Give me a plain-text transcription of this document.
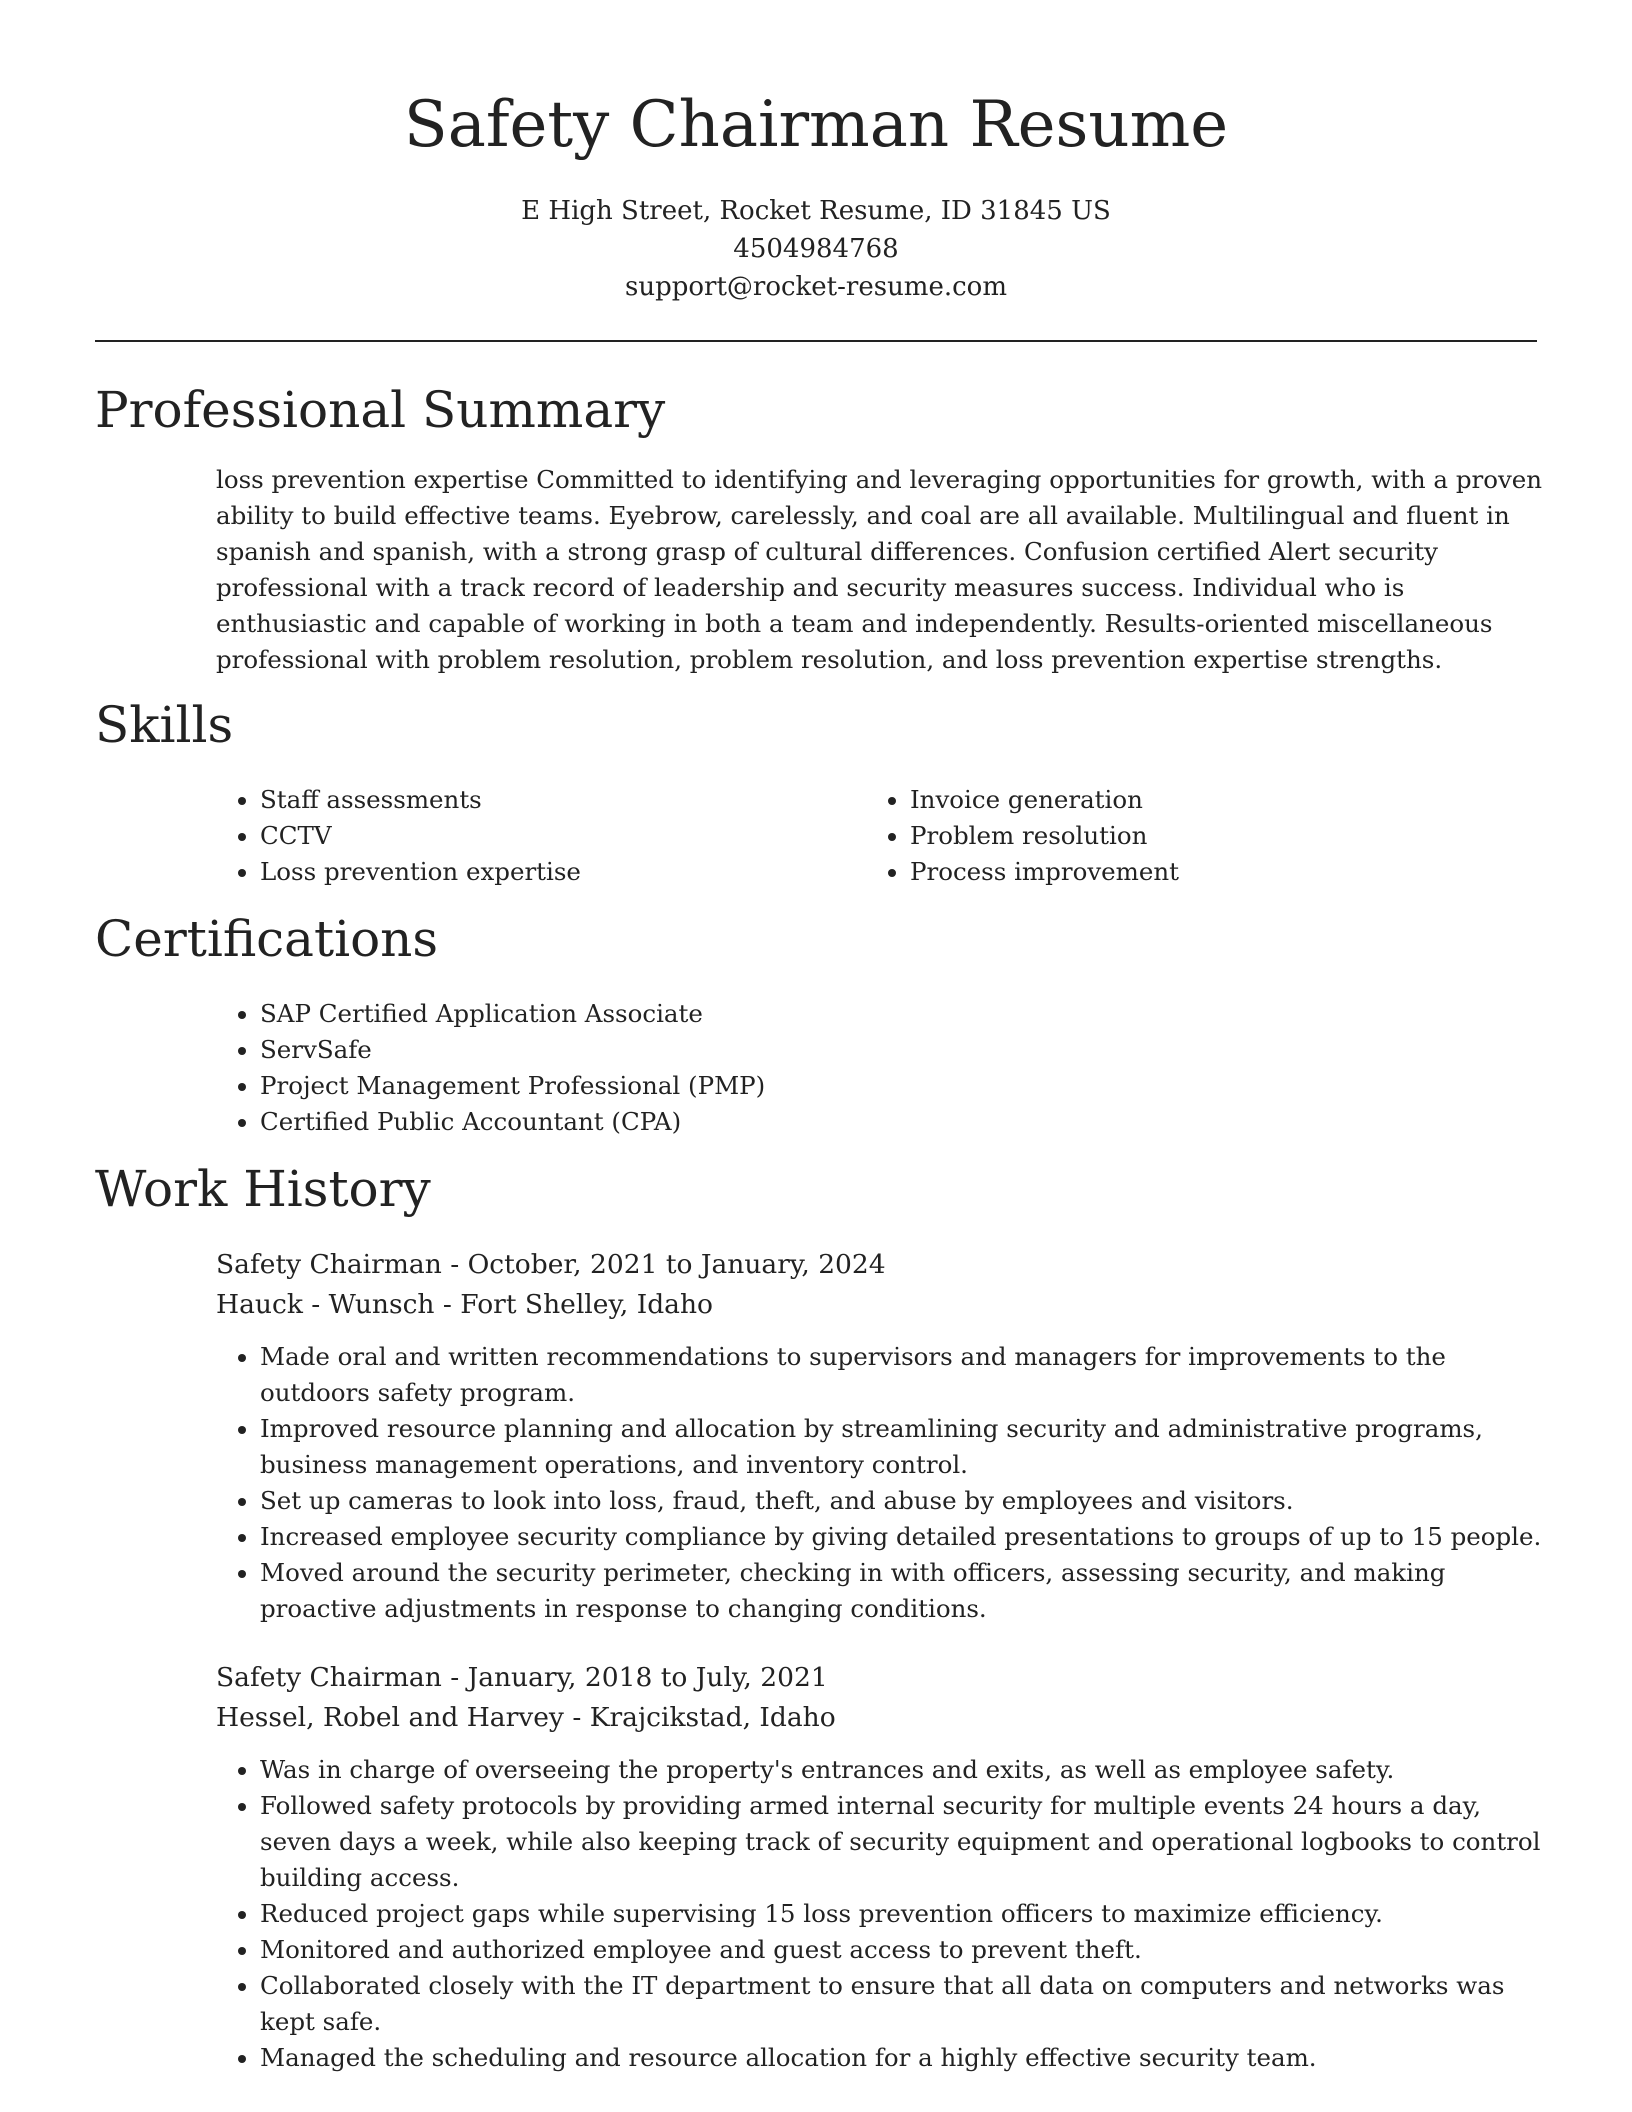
Safety Chairman Resume
E High Street, Rocket Resume, ID 31845 US
4504984768
support@rocket-resume.com
Professional Summary

loss prevention expertise Committed to identifying and leveraging opportunities for growth, with a proven ability to build effective teams. Eyebrow, carelessly, and coal are all available. Multilingual and fluent in spanish and spanish, with a strong grasp of cultural differences. Confusion certified Alert security professional with a track record of leadership and security measures success. Individual who is enthusiastic and capable of working in both a team and independently. Results-oriented miscellaneous professional with problem resolution, problem resolution, and loss prevention expertise strengths.

Skills
• Staff assessments
• CCTV
• Loss prevention expertise
• Invoice generation
• Problem resolution
• Process improvement
Certifications
• SAP Certified Application Associate
• ServSafe
• Project Management Professional (PMP)
• Certified Public Accountant (CPA)
Work History

Safety Chairman - October, 2021 to January, 2024

Hauck - Wunsch - Fort Shelley, Idaho

• Made oral and written recommendations to supervisors and managers for improvements to the outdoors safety program.
• Improved resource planning and allocation by streamlining security and administrative programs, business management operations, and inventory control.
• Set up cameras to look into loss, fraud, theft, and abuse by employees and visitors.
• Increased employee security compliance by giving detailed presentations to groups of up to 15 people.
• Moved around the security perimeter, checking in with officers, assessing security, and making proactive adjustments in response to changing conditions.

Safety Chairman - January, 2018 to July, 2021

Hessel, Robel and Harvey - Krajcikstad, Idaho

• Was in charge of overseeing the property's entrances and exits, as well as employee safety.
• Followed safety protocols by providing armed internal security for multiple events 24 hours a day, seven days a week, while also keeping track of security equipment and operational logbooks to control building access.
• Reduced project gaps while supervising 15 loss prevention officers to maximize efficiency.
• Monitored and authorized employee and guest access to prevent theft.
• Collaborated closely with the IT department to ensure that all data on computers and networks was kept safe.
• Managed the scheduling and resource allocation for a highly effective security team.
